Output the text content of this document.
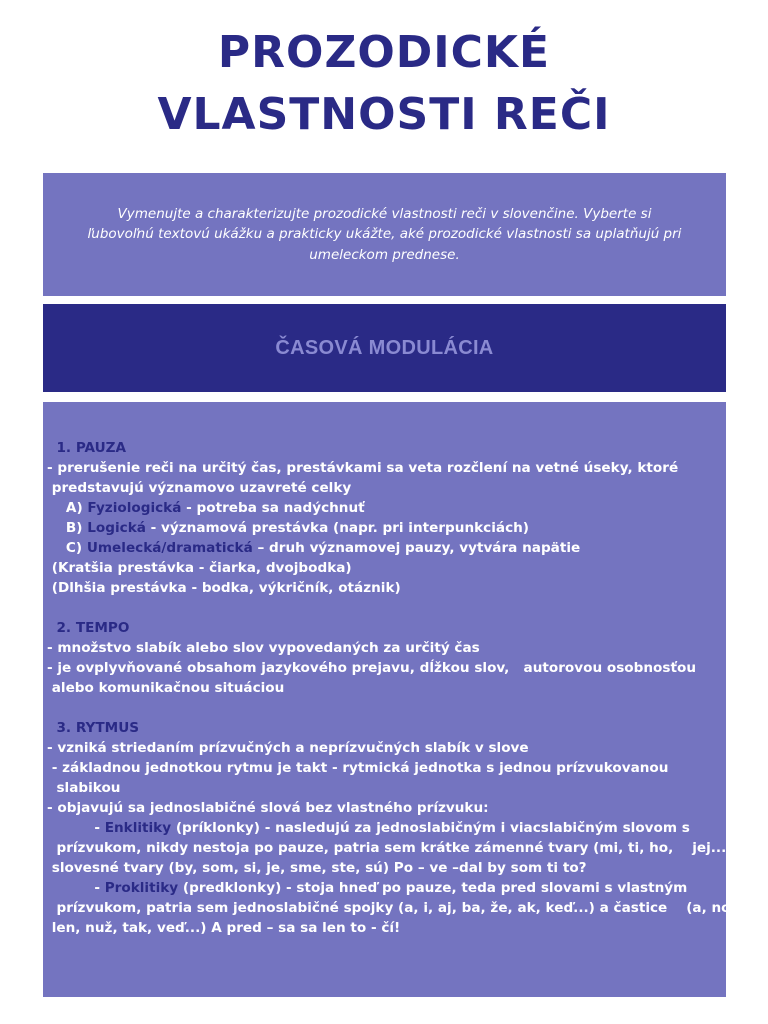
PROZODICKÉ
VLASTNOSTI REČI

Vymenujte a charakterizujte prozodické vlastnosti reči v slovenčine. Vyberte si ľubovoľnú textovú ukážku a prakticky ukážte, aké prozodické vlastnosti sa uplatňujú pri umeleckom prednese.

ČASOVÁ MODULÁCIA
1. PAUZA
- prerušenie reči na určitý čas, prestávkami sa veta rozčlení na vetné úseky, ktoré
predstavujú významovo uzavreté celky
A) Fyziologická - potreba sa nadýchnuť
B) Logická - významová prestávka (napr. pri interpunkciách)
C) Umelecká/dramatická – druh významovej pauzy, vytvára napätie
(Kratšia prestávka - čiarka, dvojbodka)
(Dlhšia prestávka - bodka, výkričník, otáznik)
2. TEMPO
- množstvo slabík alebo slov vypovedaných za určitý čas
- je ovplyvňované obsahom jazykového prejavu, dĺžkou slov,   autorovou osobnosťou
alebo komunikačnou situáciou
3. RYTMUS
- vzniká striedaním prízvučných a neprízvučných slabík v slove
- základnou jednotkou rytmu je takt - rytmická jednotka s jednou prízvukovanou
slabikou
- objavujú sa jednoslabičné slová bez vlastného prízvuku:
- Enklitiky (príklonky) - nasledujú za jednoslabičným i viacslabičným slovom s
prízvukom, nikdy nestoja po pauze, patria sem krátke zámenné tvary (mi, ti, ho,    jej...),
slovesné tvary (by, som, si, je, sme, ste, sú) Po – ve –dal by som ti to?
- Proklitiky (predklonky) - stoja hneď po pauze, teda pred slovami s vlastným
prízvukom, patria sem jednoslabičné spojky (a, i, aj, ba, že, ak, keď...) a častice    (a, no,
len, nuž, tak, veď...) A pred – sa sa len to - čí!
